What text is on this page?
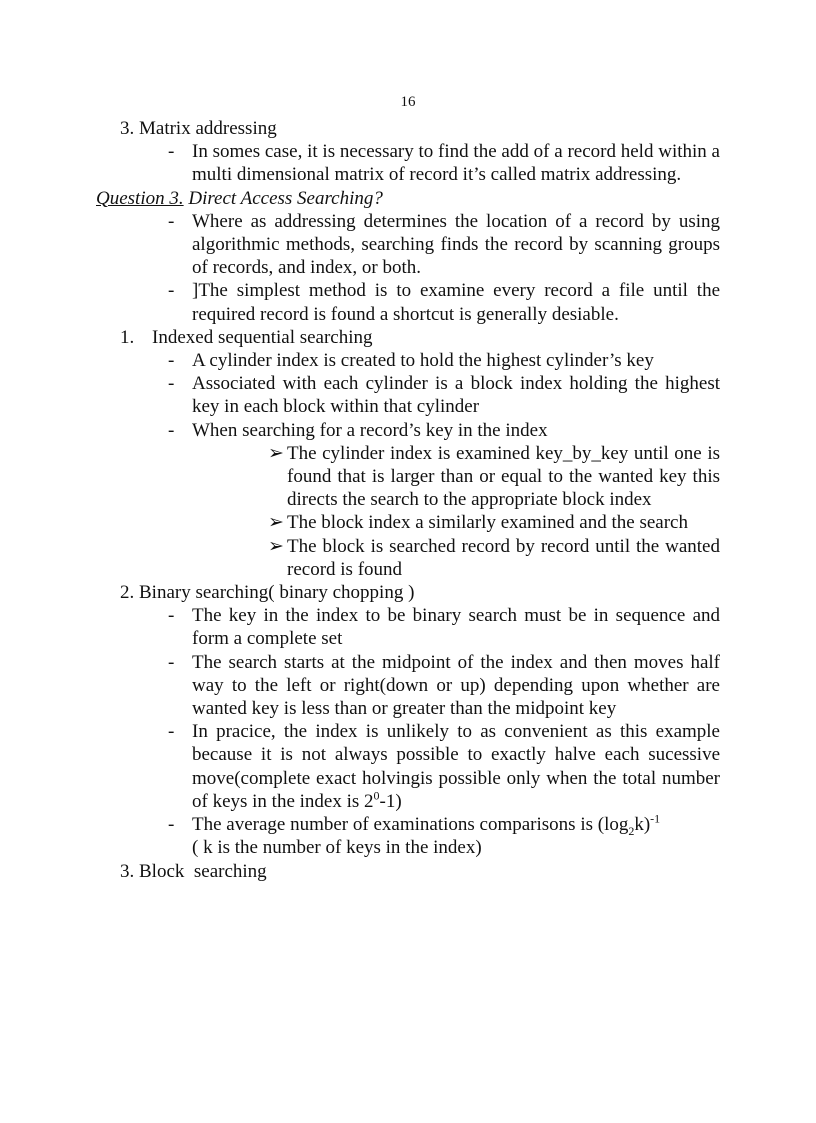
16
3. Matrix addressing
- In somes case, it is necessary to find the add of a record held within a multi dimensional matrix of record it’s called matrix addressing.
Question 3. Direct Access Searching?
- Where as addressing determines the location of a record by using algorithmic methods, searching finds the record by scanning groups of records, and index, or both.
- ]The simplest method is to examine every record a file until the required record is found a shortcut is generally desiable.
1. Indexed sequential searching
- A cylinder index is created to hold the highest cylinder’s key
- Associated with each cylinder is a block index holding the highest key in each block within that cylinder
- When searching for a record’s key in the index
➢ The cylinder index is examined key_by_key until one is found that is larger than or equal to the wanted key this directs the search to the appropriate block index
➢ The block index a similarly examined and the search
➢ The block is searched record by record until the wanted record is found
2. Binary searching( binary chopping )
- The key in the index to be binary search must be in sequence and form a complete set
- The search starts at the midpoint of the index and then moves half way to the left or right(down or up) depending upon whether are wanted key is less than or greater than the midpoint key
- In pracice, the index is unlikely to as convenient as this example because it is not always possible to exactly halve each sucessive move(complete exact holvingis possible only when the total number of keys in the index is $2^0-1$)
- The average number of examinations comparisons is $(\log_2k)^{-1}$
( k is the number of keys in the index)
3. Block  searching
